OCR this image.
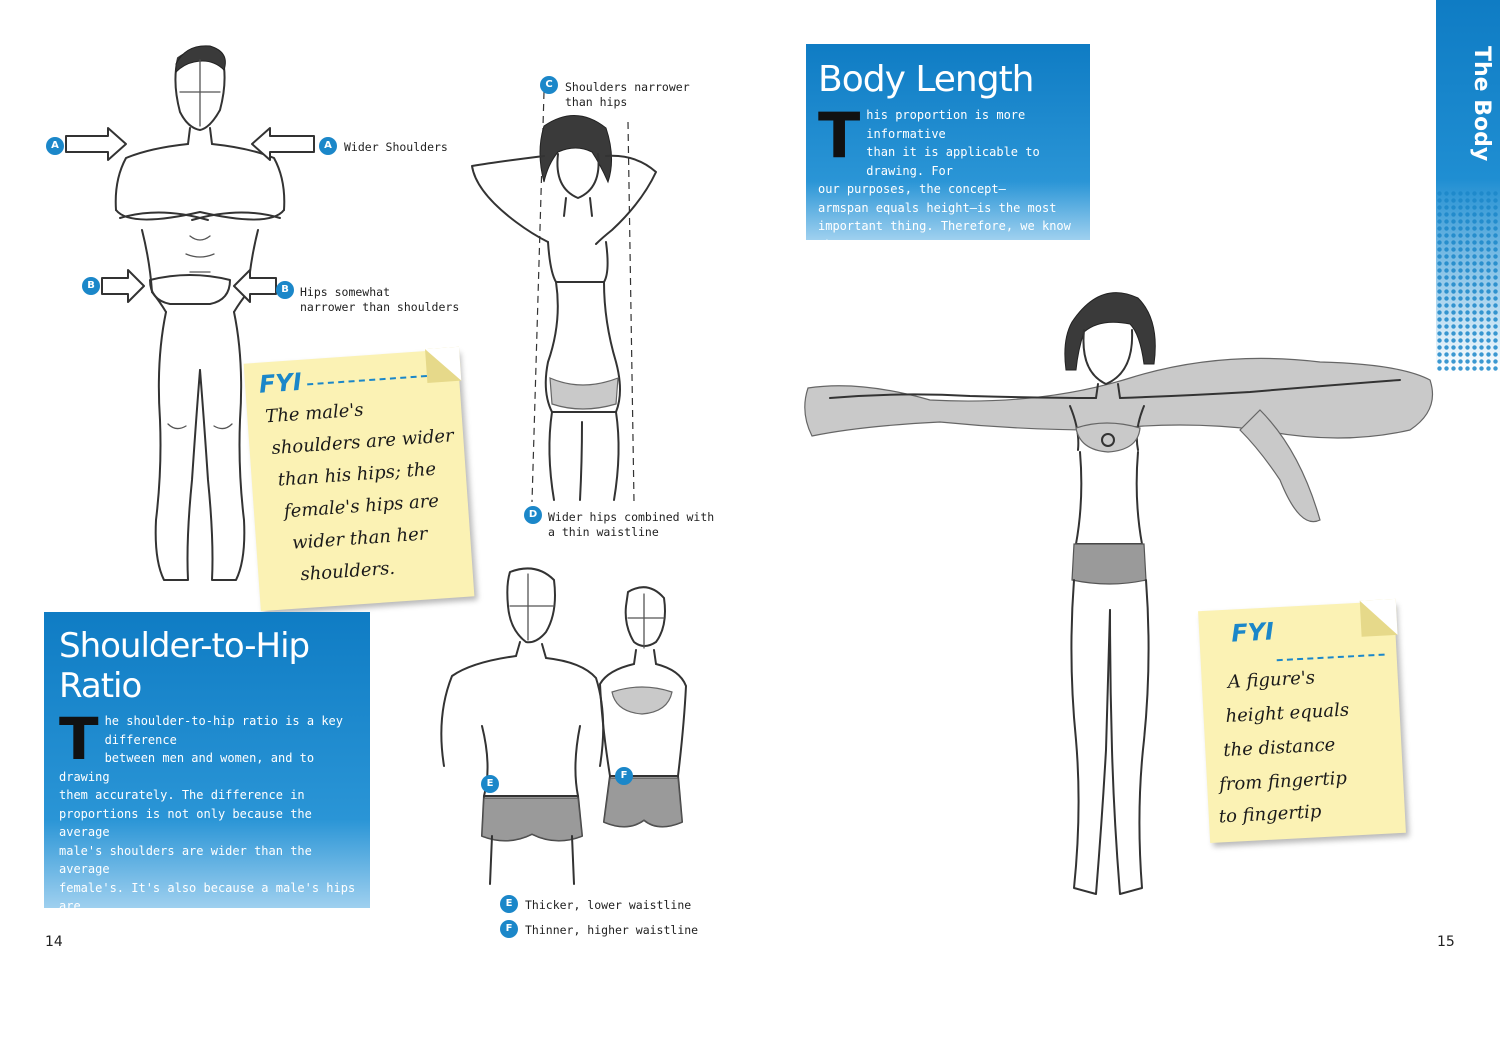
A	A	Wider Shoulders
B	B Hips somewhat
narrower than shoulders
C	Shoulders narrower
than hips
D Wider hips combined with
a thin waistline
E
F
E	Thicker, lower waistline
F	Thinner, higher waistline
FYI
The male's
shoulders are wider
than his hips; the
female's hips are
wider than her
shoulders.
Shoulder-to-Hip
Ratio
T he shoulder-to-hip ratio is a key difference
between men and women, and to drawing
them accurately. The difference in
proportions is not only because the average
male's shoulders are wider than the average
female's. It's also because a male's hips are
narrower than his shoulders, and a female's
shoulders are slightly narrower than her hips.
Therefore, the female's shoulder-to-hip ratio is
the reverse of the male's.

14
Body Length
T his proportion is more informative
than it is applicable to drawing. For
our purposes, the concept—
armspan equals height—is the most
important thing. Therefore, we know that
the limbs require a lot of length in order
to appear correctly proportioned.

FYI
A figure's
height equals
the distance
from fingertip
to fingertip
The Body
15
